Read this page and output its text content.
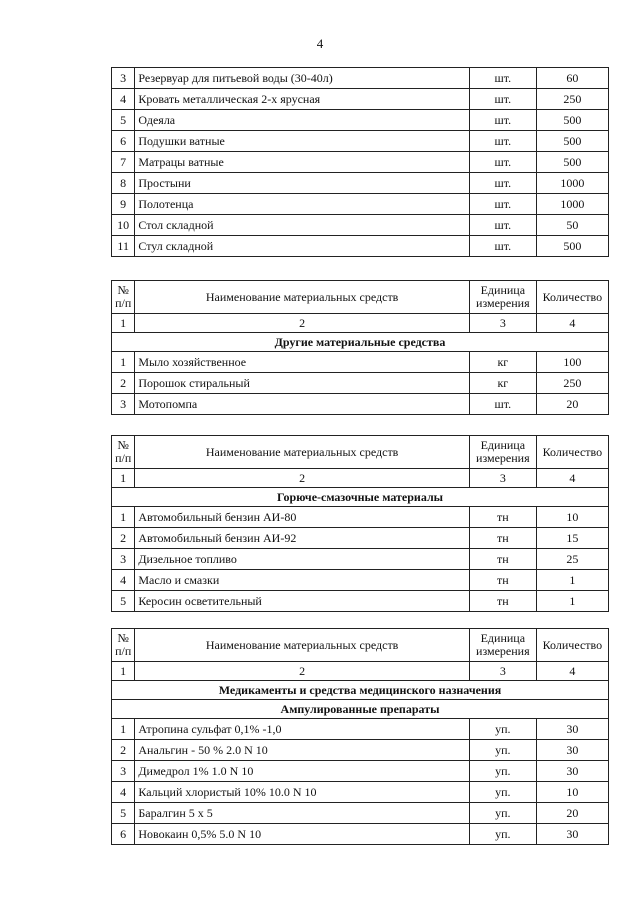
4
3	Резервуар для питьевой воды (30-40л)	шт.	60
4	Кровать металлическая 2-х ярусная	шт.	250
5	Одеяла	шт.	500
6	Подушки ватные	шт.	500
7	Матрацы ватные	шт.	500
8	Простыни	шт.	1000
9	Полотенца	шт.	1000
10	Стол складной	шт.	50
11	Стул складной	шт.	500
№ п/п	Наименование материальных средств	Единица измерения	Количество
1	2	3	4
Другие материальные средства			
1	Мыло хозяйственное	кг	100
2	Порошок стиральный	кг	250
3	Мотопомпа	шт.	20
№ п/п	Наименование материальных средств	Единица измерения	Количество
1	2	3	4
Горюче-смазочные материалы			
1	Автомобильный бензин АИ-80	тн	10
2	Автомобильный бензин АИ-92	тн	15
3	Дизельное топливо	тн	25
4	Масло и смазки	тн	1
5	Керосин осветительный	тн	1
№ п/п	Наименование материальных средств	Единица измерения	Количество
1	2	3	4
Медикаменты и средства медицинского назначения			
Ампулированные препараты			
1	Атропина сульфат 0,1% -1,0	уп.	30
2	Анальгин - 50 % 2.0 N 10	уп.	30
3	Димедрол 1% 1.0 N 10	уп.	30
4	Кальций хлористый 10% 10.0 N 10	уп.	10
5	Баралгин 5 x 5	уп.	20
6	Новокаин 0,5% 5.0 N 10	уп.	30
